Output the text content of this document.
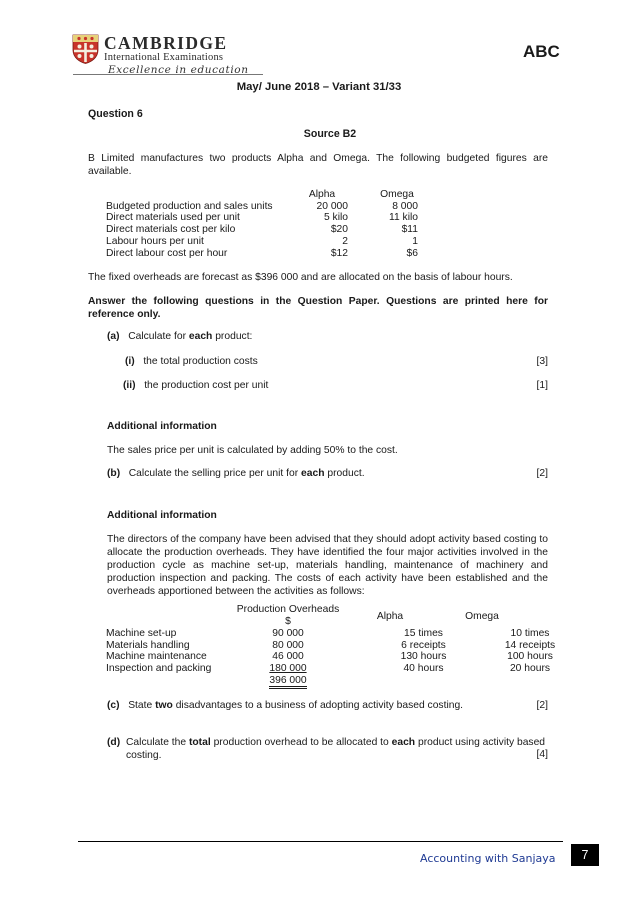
CAMBRIDGE
International Examinations
Excellence in education
ABC
May/ June 2018 – Variant 31/33
Question 6
Source B2
B Limited manufactures two products Alpha and Omega. The following budgeted figures are available.
	Alpha		Omega
Budgeted production and sales units	20 000		8 000
Direct materials used per unit	5 kilo		11 kilo
Direct materials cost per kilo	$20		$11
Labour hours per unit	2		1
Direct labour cost per hour	$12		$6
The fixed overheads are forecast as $396 000 and are allocated on the basis of labour hours.
Answer the following questions in the Question Paper. Questions are printed here for reference only.
(a) Calculate for each product:
(i) the total production costs	[3]
(ii) the production cost per unit	[1]
Additional information
The sales price per unit is calculated by adding 50% to the cost.
(b) Calculate the selling price per unit for each product.	[2]
Additional information
The directors of the company have been advised that they should adopt activity based costing to allocate the production overheads. They have identified the four major activities involved in the production cycle as machine set-up, materials handling, maintenance of machinery and production inspection and packing. The costs of each activity have been established and the overheads apportioned between the activities as follows:
Production Overheads
$	Alpha	Omega
Machine set-up	90 000	15 times	10 times
Materials handling	80 000	6 receipts	14 receipts
Machine maintenance	46 000	130 hours	100 hours
Inspection and packing	180 000	40 hours	20 hours
	396 000		
(c) State two disadvantages to a business of adopting activity based costing.	[2]
(d) Calculate the total production overhead to be allocated to each product using activity based costing.	[4]
Accounting with Sanjaya	7
